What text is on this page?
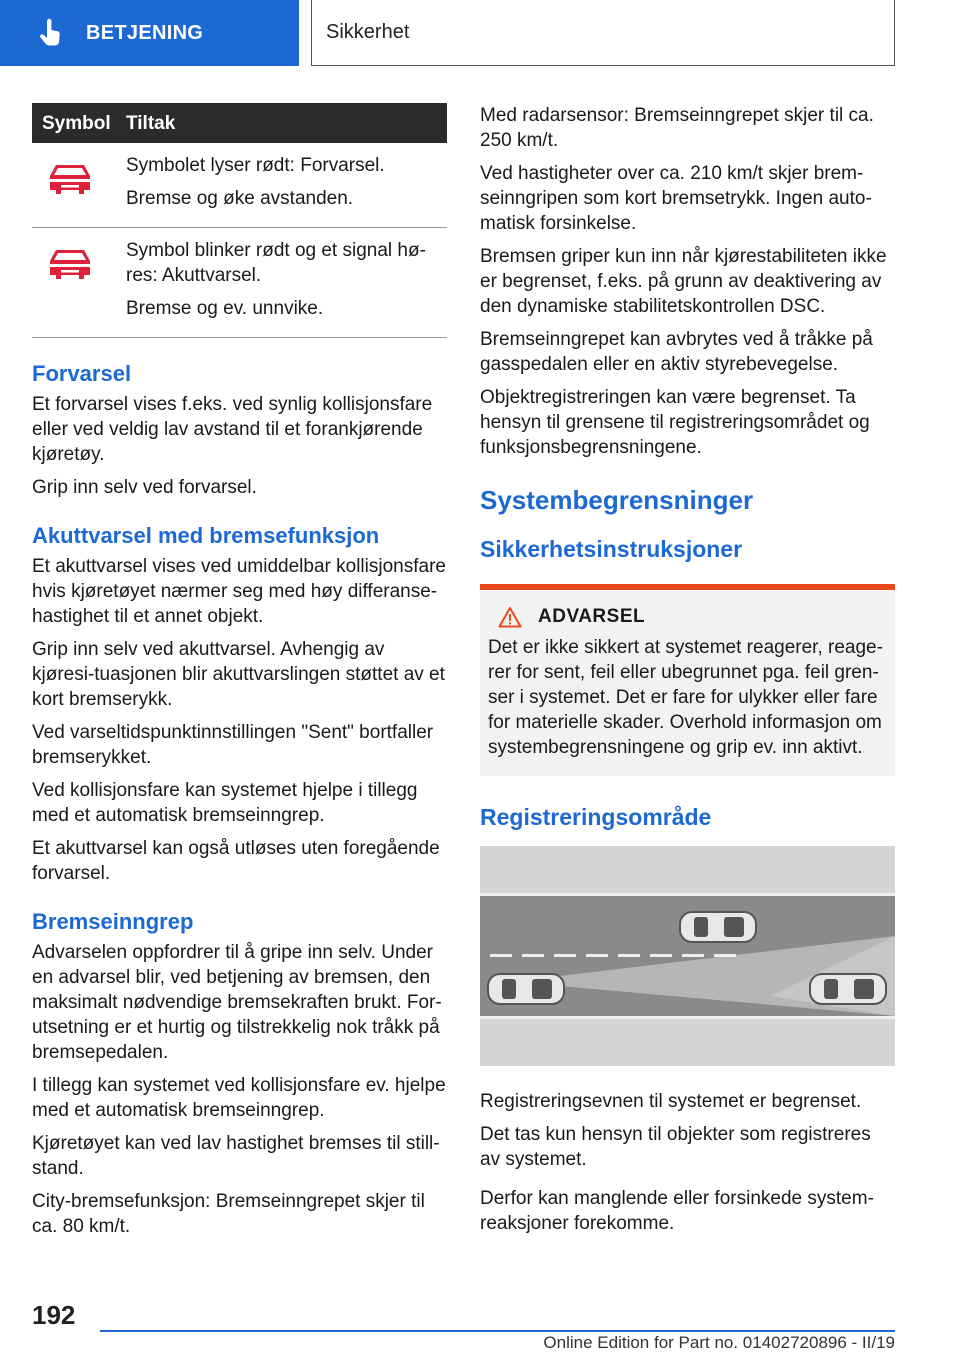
BETJENING	Sikkerhet
Symbol	Tiltak

Symbolet lyser rødt: Forvarsel.

Bremse og øke avstanden.

Symbol blinker rødt og et signal hø-res: Akuttvarsel.

Bremse og ev. unnvike.

Forvarsel

Et forvarsel vises f.eks. ved synlig kollisjonsfare eller ved veldig lav avstand til et forankjørende kjøretøy.

Grip inn selv ved forvarsel.

Akuttvarsel med bremsefunksjon

Et akuttvarsel vises ved umiddelbar kollisjonsfare hvis kjøretøyet nærmer seg med høy differanse-hastighet til et annet objekt.

Grip inn selv ved akuttvarsel. Avhengig av kjøresi-tuasjonen blir akuttvarslingen støttet av et kort bremserykk.

Ved varseltidspunktinnstillingen "Sent" bortfaller bremserykket.

Ved kollisjonsfare kan systemet hjelpe i tillegg med et automatisk bremseinngrep.

Et akuttvarsel kan også utløses uten foregående forvarsel.

Bremseinngrep

Advarselen oppfordrer til å gripe inn selv. Under en advarsel blir, ved betjening av bremsen, den maksimalt nødvendige bremsekraften brukt. For-utsetning er et hurtig og tilstrekkelig nok tråkk på bremsepedalen.

I tillegg kan systemet ved kollisjonsfare ev. hjelpe med et automatisk bremseinngrep.

Kjøretøyet kan ved lav hastighet bremses til still-stand.

City-bremsefunksjon: Bremseinngrepet skjer til ca. 80 km/t.

Med radarsensor: Bremseinngrepet skjer til ca. 250 km/t.

Ved hastigheter over ca. 210 km/t skjer brem-seinngripen som kort bremsetrykk. Ingen auto-matisk forsinkelse.

Bremsen griper kun inn når kjørestabiliteten ikke er begrenset, f.eks. på grunn av deaktivering av den dynamiske stabilitetskontrollen DSC.

Bremseinngrepet kan avbrytes ved å tråkke på gasspedalen eller en aktiv styrebevegelse.

Objektregistreringen kan være begrenset. Ta hensyn til grensene til registreringsområdet og funksjonsbegrensningene.

Systembegrensninger
Sikkerhetsinstruksjoner
ADVARSEL
Det er ikke sikkert at systemet reagerer, reage-rer for sent, feil eller ubegrunnet pga. feil gren-ser i systemet. Det er fare for ulykker eller fare for materielle skader. Overhold informasjon om systembegrensningene og grip ev. inn aktivt.
Registreringsområde

Registreringsevnen til systemet er begrenset.

Det tas kun hensyn til objekter som registreres av systemet.

Derfor kan manglende eller forsinkede system-reaksjoner forekomme.

192
Online Edition for Part no. 01402720896 - II/19
